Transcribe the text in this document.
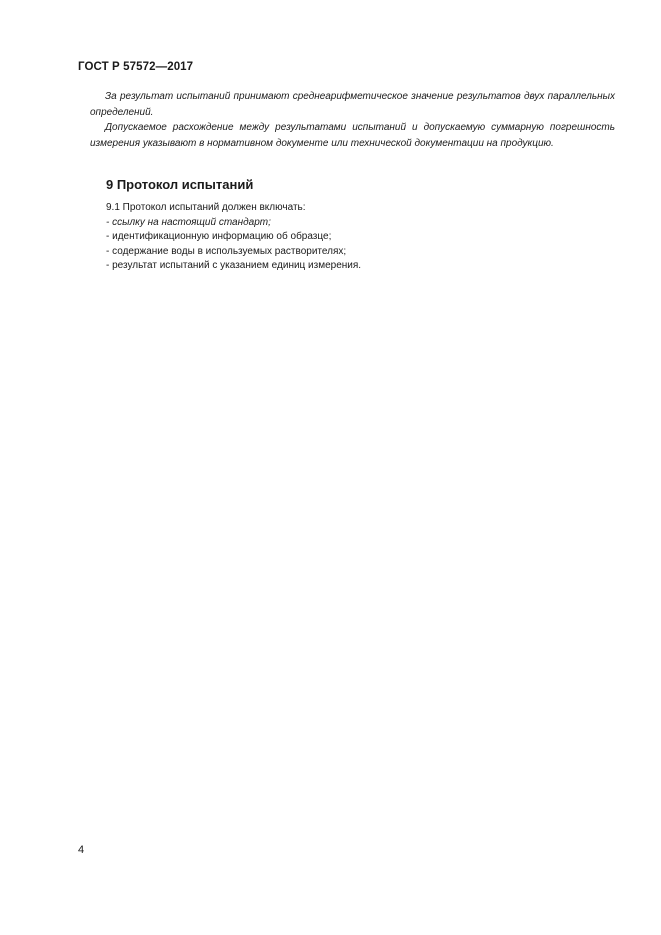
ГОСТ Р 57572—2017

За результат испытаний принимают среднеарифметическое значение результатов двух параллельных определений.

Допускаемое расхождение между результатами испытаний и допускаемую суммарную погрешность измерения указывают в нормативном документе или технической документации на продукцию.

9 Протокол испытаний
9.1 Протокол испытаний должен включать:
- ссылку на настоящий стандарт;
- идентификационную информацию об образце;
- содержание воды в используемых растворителях;
- результат испытаний с указанием единиц измерения.
4
